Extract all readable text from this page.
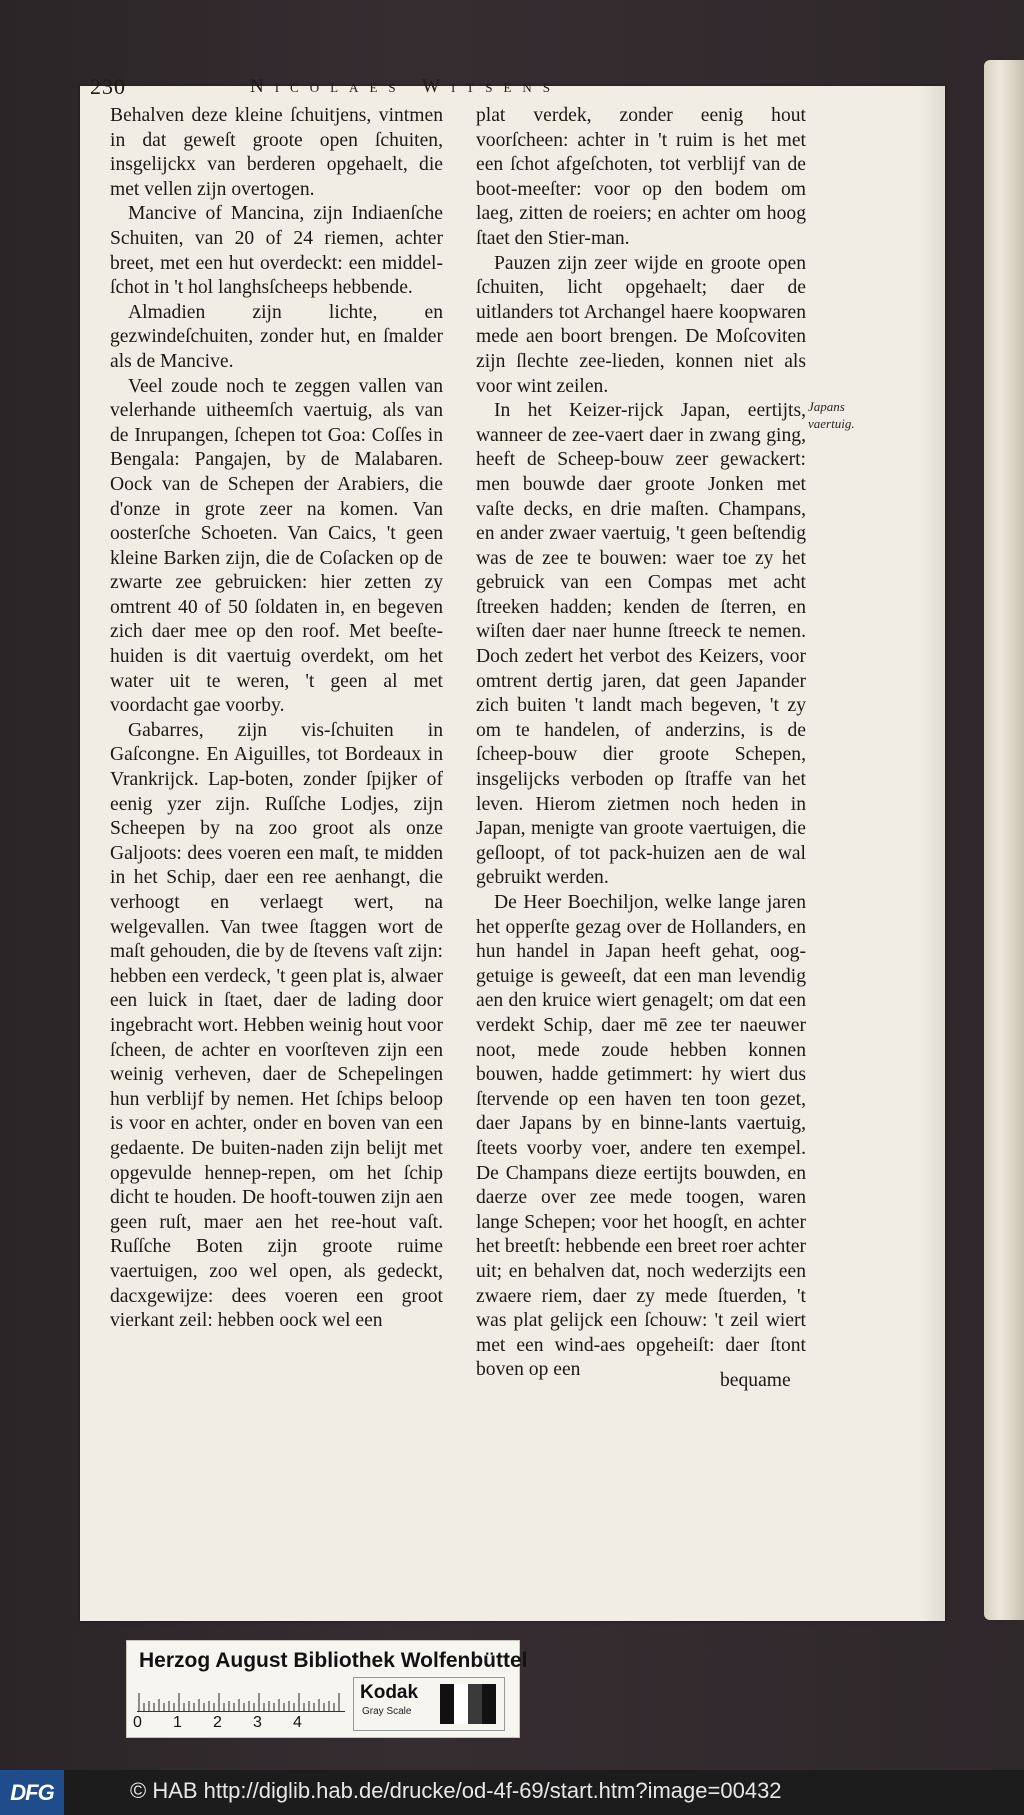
230	Nicolaes Witsens

Behalven deze kleine ſchuitjens, vintmen in dat geweſt groote open ſchuiten, insgelijckx van berderen opgehaelt, die met vellen zijn overtogen.

Mancive of Mancina, zijn Indiaenſche Schuiten, van 20 of 24 riemen, achter breet, met een hut overdeckt: een middel-ſchot in 't hol langhsſcheeps hebbende.

Almadien zijn lichte, en gezwindeſchuiten, zonder hut, en ſmalder als de Mancive.

Veel zoude noch te zeggen vallen van velerhande uitheemſch vaertuig, als van de Inrupangen, ſchepen tot Goa: Coſſes in Bengala: Pangajen, by de Malabaren. Oock van de Schepen der Arabiers, die d'onze in grote zeer na komen. Van oosterſche Schoeten. Van Caics, 't geen kleine Barken zijn, die de Coſacken op de zwarte zee gebruicken: hier zetten zy omtrent 40 of 50 ſoldaten in, en begeven zich daer mee op den roof. Met beeſte-huiden is dit vaertuig overdekt, om het water uit te weren, 't geen al met voordacht gae voorby.

Gabarres, zijn vis-ſchuiten in Gaſcongne. En Aiguilles, tot Bordeaux in Vrankrijck. Lap-boten, zonder ſpijker of eenig yzer zijn. Ruſſche Lodjes, zijn Scheepen by na zoo groot als onze Galjoots: dees voeren een maſt, te midden in het Schip, daer een ree aenhangt, die verhoogt en verlaegt wert, na welgevallen. Van twee ſtaggen wort de maſt gehouden, die by de ſtevens vaſt zijn: hebben een verdeck, 't geen plat is, alwaer een luick in ſtaet, daer de lading door ingebracht wort. Hebben weinig hout voor ſcheen, de achter en voorſteven zijn een weinig verheven, daer de Schepelingen hun verblijf by nemen. Het ſchips beloop is voor en achter, onder en boven van een gedaente. De buiten-naden zijn belijt met opgevulde hennep-repen, om het ſchip dicht te houden. De hooft-touwen zijn aen geen ruſt, maer aen het ree-hout vaſt. Ruſſche Boten zijn groote ruime vaertuigen, zoo wel open, als gedeckt, dacxgewijze: dees voeren een groot vierkant zeil: hebben oock wel een

plat verdek, zonder eenig hout voorſcheen: achter in 't ruim is het met een ſchot afgeſchoten, tot verblijf van de boot-meeſter: voor op den bodem om laeg, zitten de roeiers; en achter om hoog ſtaet den Stier-man.

Pauzen zijn zeer wijde en groote open ſchuiten, licht opgehaelt; daer de uitlanders tot Archangel haere koopwaren mede aen boort brengen. De Moſcoviten zijn ſlechte zee-lieden, konnen niet als voor wint zeilen.

In het Keizer-rijck Japan, eertijts, wanneer de zee-vaert daer in zwang ging, heeft de Scheep-bouw zeer gewackert: men bouwde daer groote Jonken met vaſte decks, en drie maſten. Champans, en ander zwaer vaertuig, 't geen beſtendig was de zee te bouwen: waer toe zy het gebruick van een Compas met acht ſtreeken hadden; kenden de ſterren, en wiſten daer naer hunne ſtreeck te nemen. Doch zedert het verbot des Keizers, voor omtrent dertig jaren, dat geen Japander zich buiten 't landt mach begeven, 't zy om te handelen, of anderzins, is de ſcheep-bouw dier groote Schepen, insgelijcks verboden op ſtraffe van het leven. Hierom zietmen noch heden in Japan, menigte van groote vaertuigen, die geſloopt, of tot pack-huizen aen de wal gebruikt werden.

De Heer Boechiljon, welke lange jaren het opperſte gezag over de Hollanders, en hun handel in Japan heeft gehat, oog-getuige is geweeſt, dat een man levendig aen den kruice wiert genagelt; om dat een verdekt Schip, daer mē zee ter naeuwer noot, mede zoude hebben konnen bouwen, hadde getimmert: hy wiert dus ſtervende op een haven ten toon gezet, daer Japans by en binne-lants vaertuig, ſteets voorby voer, andere ten exempel. De Champans dieze eertijts bouwden, en daerze over zee mede toogen, waren lange Schepen; voor het hoogſt, en achter het breetſt: hebbende een breet roer achter uit; en behalven dat, noch wederzijts een zwaere riem, daer zy mede ſtuerden, 't was plat gelijck een ſchouw: 't zeil wiert met een wind-aes opgeheiſt: daer ſtont boven op een

Japans vaertuig.
bequame
Herzog August Bibliothek Wolfenbüttel
0 1 2 3 4
Kodak
Gray Scale
DFG	© HAB http://diglib.hab.de/drucke/od-4f-69/start.htm?image=00432
